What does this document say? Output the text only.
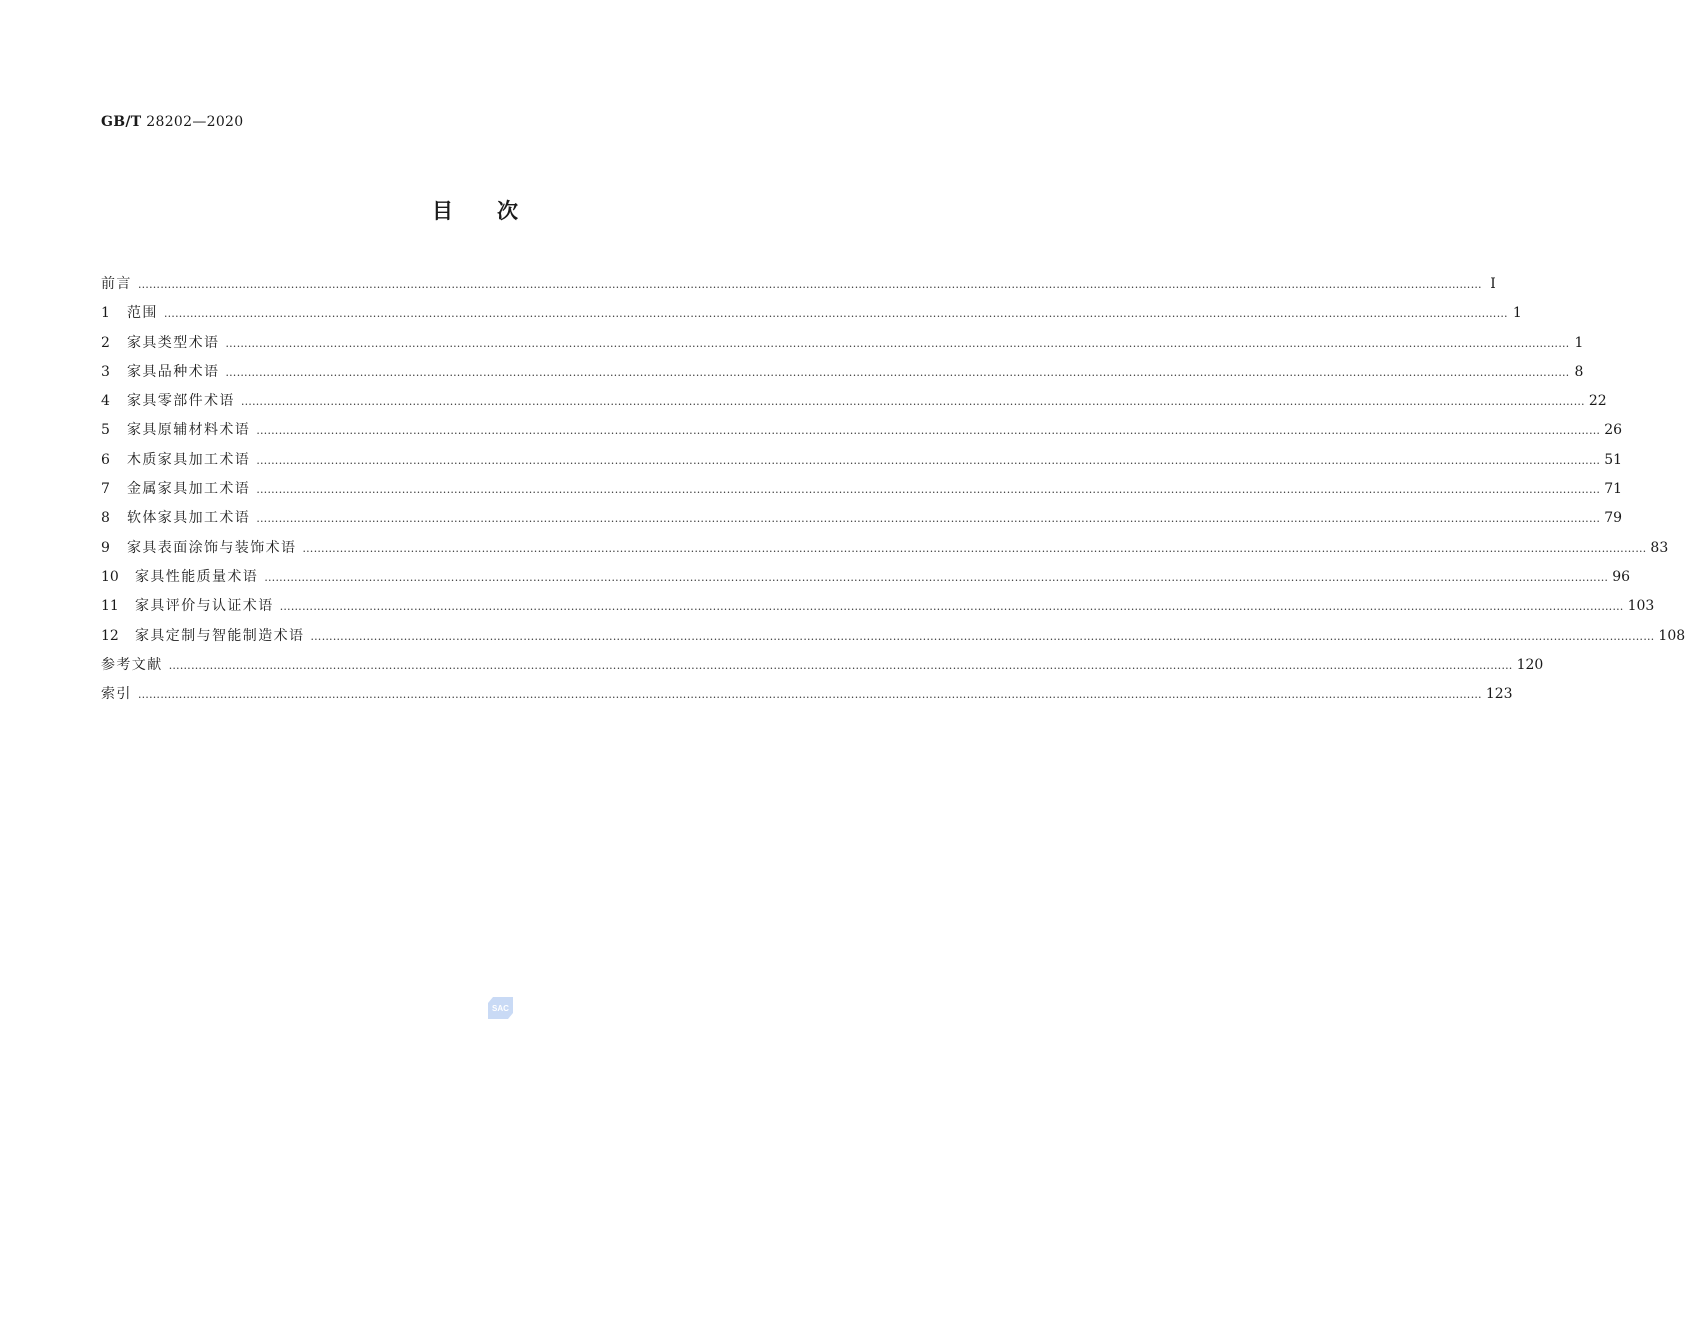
GB/T 28202—2020
目 次
前言 ……………………………………………………………………………………………………………………………………………………………………………………………………………………………………………………………………………………………………………………………… Ⅰ
1	范围 ……………………………………………………………………………………………………………………………………………………………………………………………………………………………………………………………………………………………………………………………… 1
2	家具类型术语 ……………………………………………………………………………………………………………………………………………………………………………………………………………………………………………………………………………………………………………………………… 1
3	家具品种术语 ……………………………………………………………………………………………………………………………………………………………………………………………………………………………………………………………………………………………………………………………… 8
4	家具零部件术语 ……………………………………………………………………………………………………………………………………………………………………………………………………………………………………………………………………………………………………………………………… 22
5	家具原辅材料术语 ……………………………………………………………………………………………………………………………………………………………………………………………………………………………………………………………………………………………………………………………… 26
6	木质家具加工术语 ……………………………………………………………………………………………………………………………………………………………………………………………………………………………………………………………………………………………………………………………… 51
7	金属家具加工术语 ……………………………………………………………………………………………………………………………………………………………………………………………………………………………………………………………………………………………………………………………… 71
8	软体家具加工术语 ……………………………………………………………………………………………………………………………………………………………………………………………………………………………………………………………………………………………………………………………… 79
9	家具表面涂饰与装饰术语 ……………………………………………………………………………………………………………………………………………………………………………………………………………………………………………………………………………………………………………………………… 83
10	家具性能质量术语 ……………………………………………………………………………………………………………………………………………………………………………………………………………………………………………………………………………………………………………………………… 96
11	家具评价与认证术语 ……………………………………………………………………………………………………………………………………………………………………………………………………………………………………………………………………………………………………………………………… 103
12	家具定制与智能制造术语 ……………………………………………………………………………………………………………………………………………………………………………………………………………………………………………………………………………………………………………………………… 108
参考文献 ……………………………………………………………………………………………………………………………………………………………………………………………………………………………………………………………………………………………………………………………… 120
索引 ……………………………………………………………………………………………………………………………………………………………………………………………………………………………………………………………………………………………………………………………… 123
SAC
